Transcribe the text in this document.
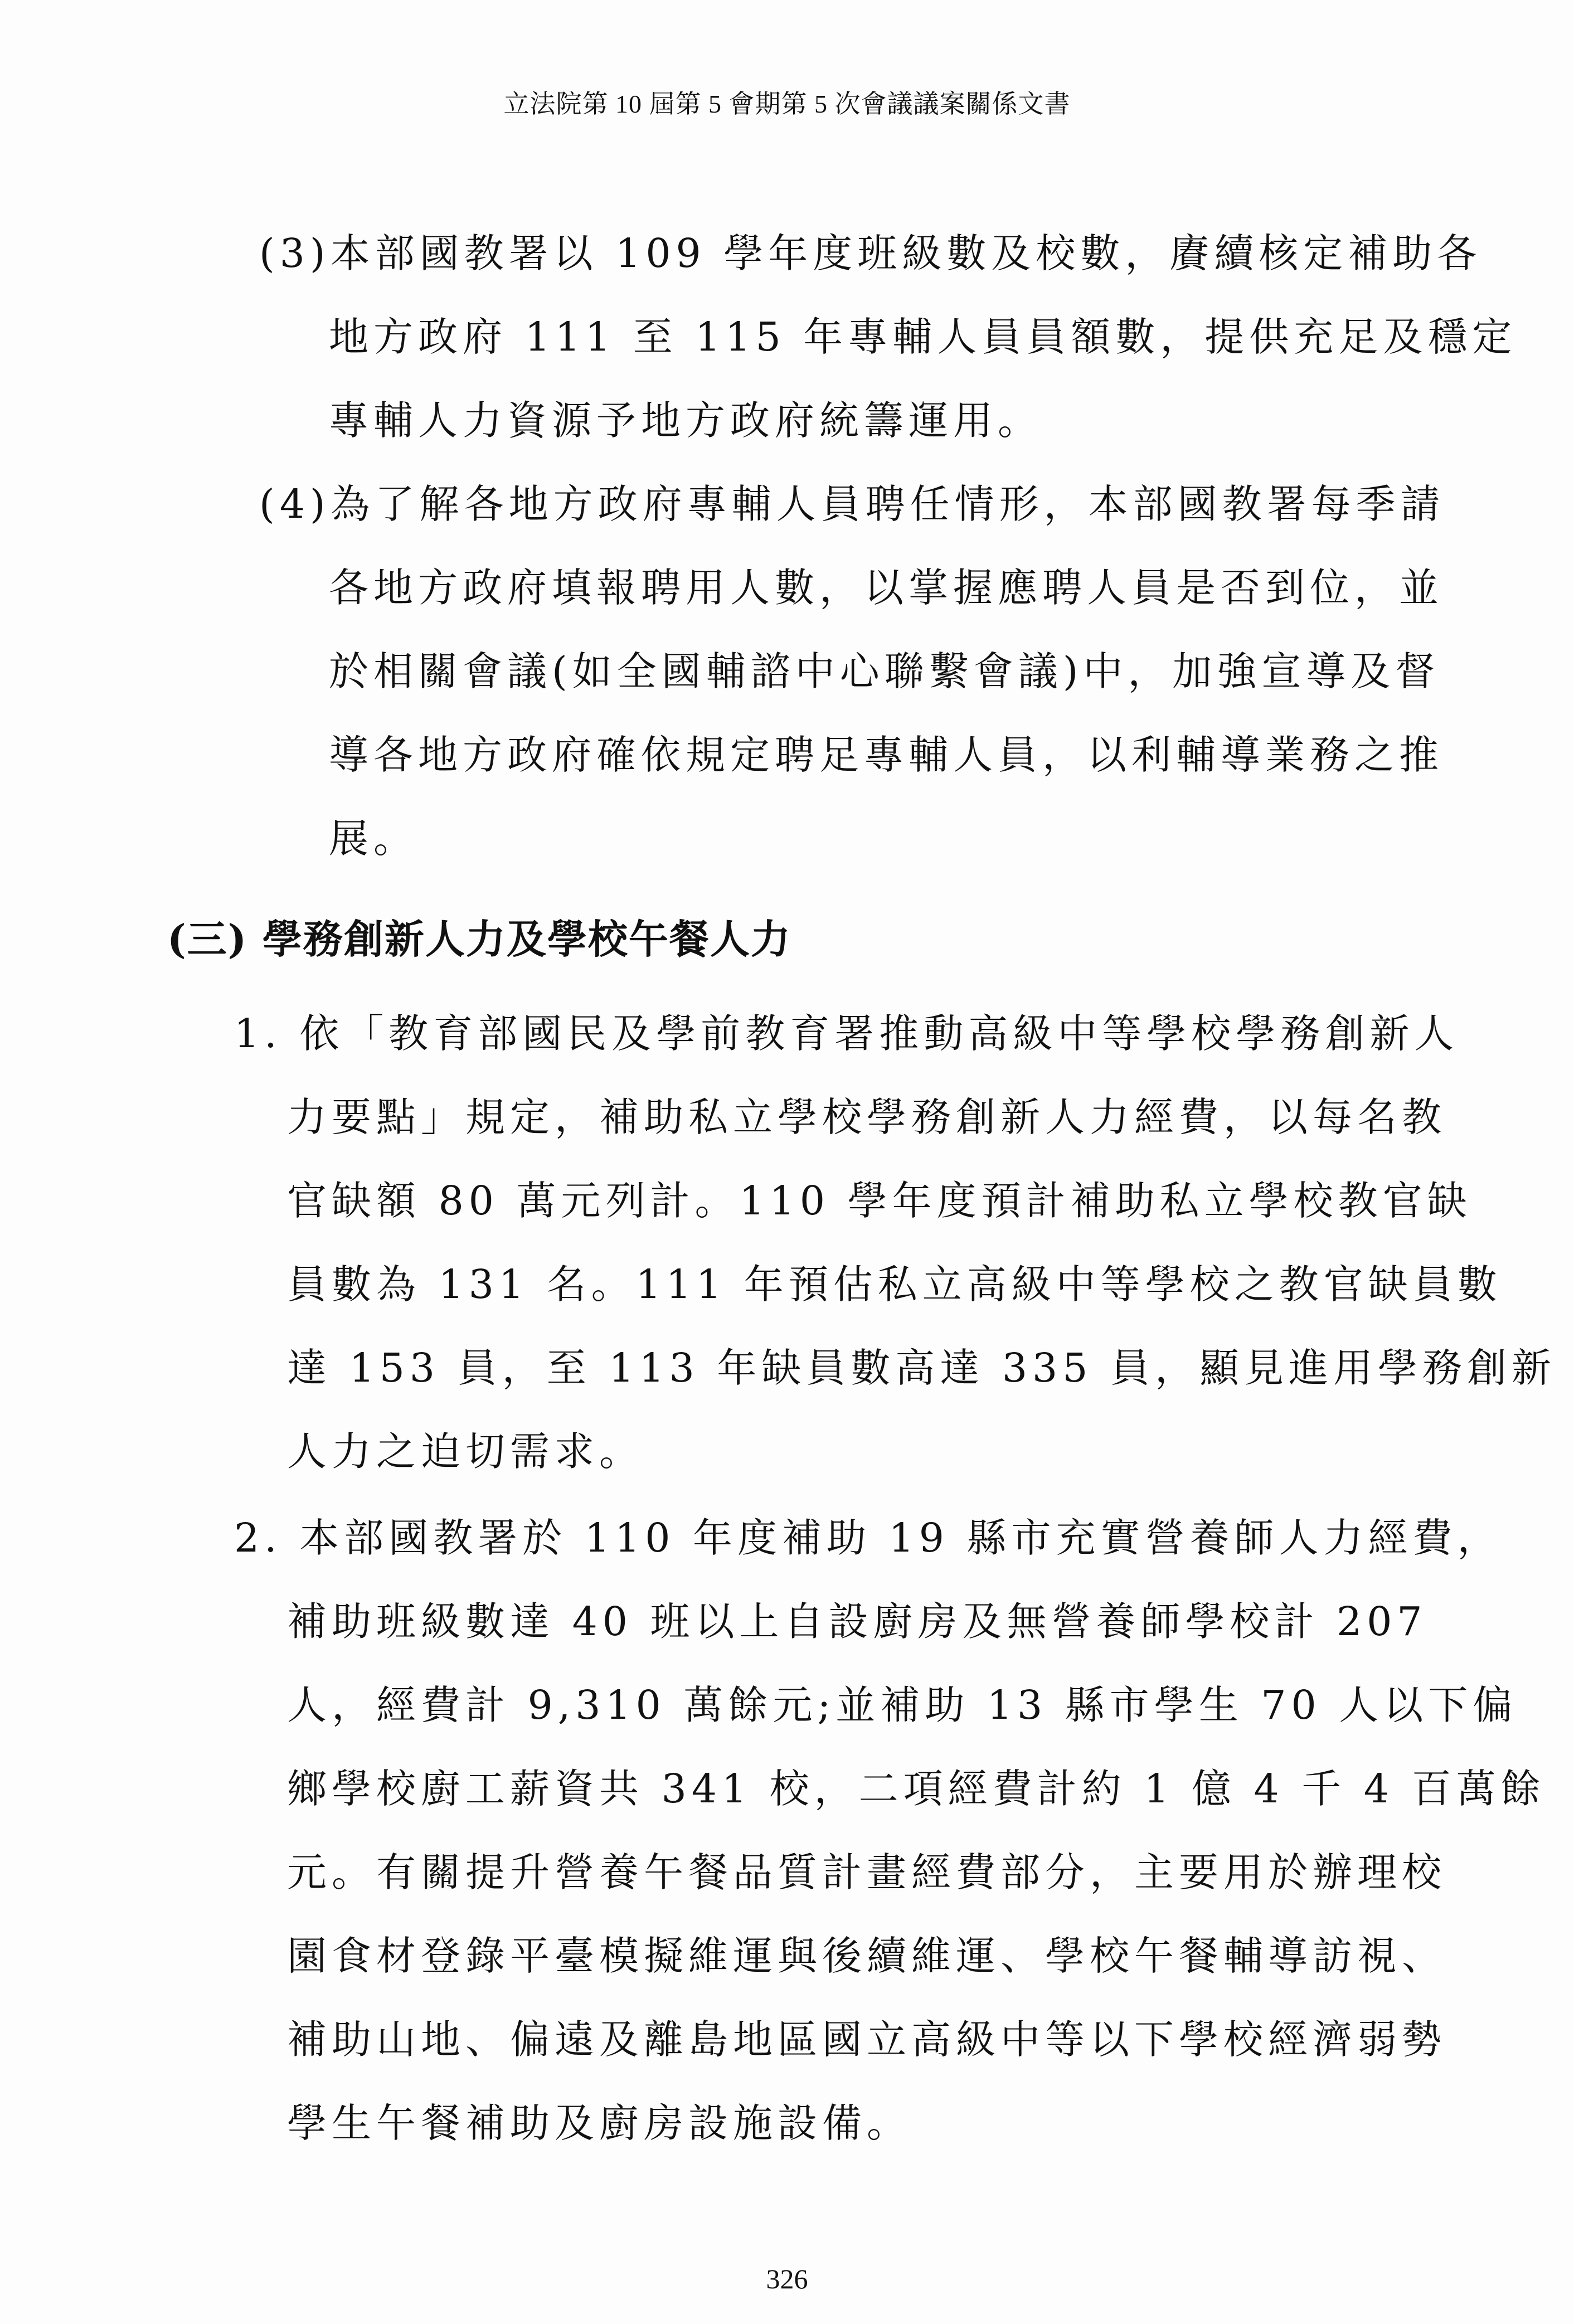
立法院第 10 屆第 5 會期第 5 次會議議案關係文書
(3)本部國教署以 109 學年度班級數及校數，賡續核定補助各
地方政府 111 至 115 年專輔人員員額數，提供充足及穩定
專輔人力資源予地方政府統籌運用。
(4)為了解各地方政府專輔人員聘任情形，本部國教署每季請
各地方政府填報聘用人數，以掌握應聘人員是否到位，並
於相關會議(如全國輔諮中心聯繫會議)中，加強宣導及督
導各地方政府確依規定聘足專輔人員，以利輔導業務之推
展。
(三) 學務創新人力及學校午餐人力
1. 依「教育部國民及學前教育署推動高級中等學校學務創新人
力要點」規定，補助私立學校學務創新人力經費，以每名教
官缺額 80 萬元列計。110 學年度預計補助私立學校教官缺
員數為 131 名。111 年預估私立高級中等學校之教官缺員數
達 153 員，至 113 年缺員數高達 335 員，顯見進用學務創新
人力之迫切需求。
2. 本部國教署於 110 年度補助 19 縣市充實營養師人力經費，
補助班級數達 40 班以上自設廚房及無營養師學校計 207
人，經費計 9,310 萬餘元;並補助 13 縣市學生 70 人以下偏
鄉學校廚工薪資共 341 校，二項經費計約 1 億 4 千 4 百萬餘
元。有關提升營養午餐品質計畫經費部分，主要用於辦理校
園食材登錄平臺模擬維運與後續維運、學校午餐輔導訪視、
補助山地、偏遠及離島地區國立高級中等以下學校經濟弱勢
學生午餐補助及廚房設施設備。
326
